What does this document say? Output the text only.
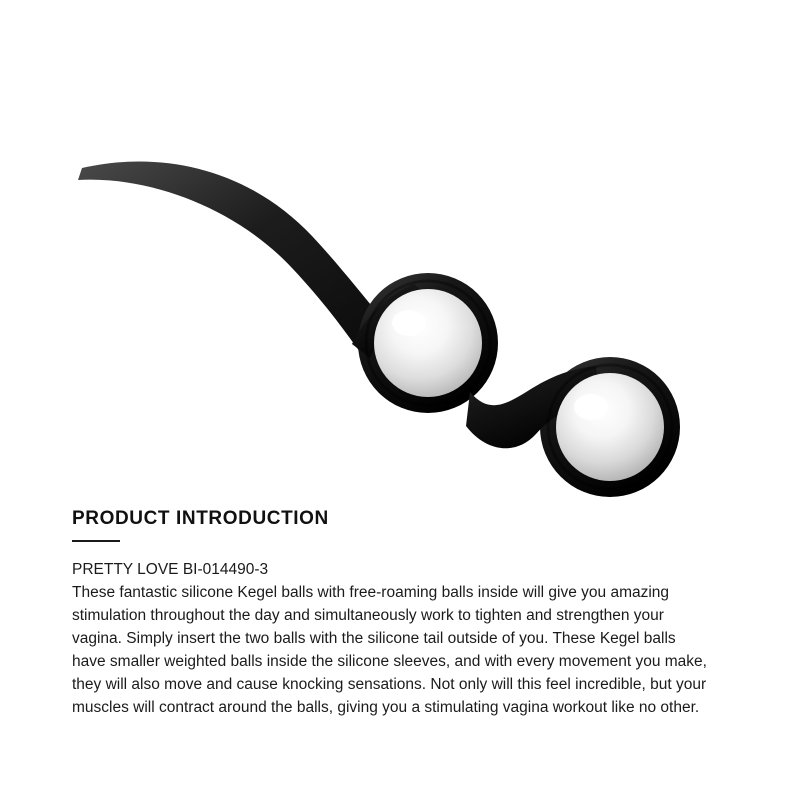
PRODUCT INTRODUCTION

PRETTY LOVE BI-014490-3

These fantastic silicone Kegel balls with free-roaming balls inside will give you amazing stimulation throughout the day and simultaneously work to tighten and strengthen your vagina. Simply insert the two balls with the silicone tail outside of you. These Kegel balls have smaller weighted balls inside the silicone sleeves, and with every movement you make, they will also move and cause knocking sensations. Not only will this feel incredible, but your muscles will contract around the balls, giving you a stimulating vagina workout like no other.
